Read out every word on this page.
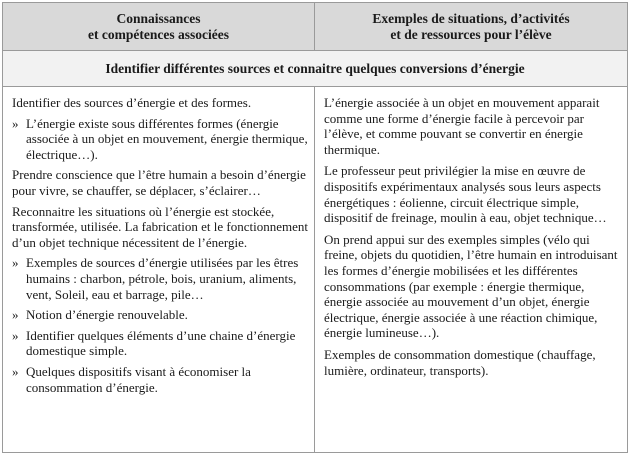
Connaissances
et compétences associées
Exemples de situations, d’activités
et de ressources pour l’élève
Identifier différentes sources et connaitre quelques conversions d’énergie

Identifier des sources d’énergie et des formes.

» L’énergie existe sous différentes formes (énergie associée à un objet en mouvement, énergie thermique, électrique…).

Prendre conscience que l’être humain a besoin d’énergie pour vivre, se chauffer, se déplacer, s’éclairer…

Reconnaitre les situations où l’énergie est stockée, transformée, utilisée. La fabrication et le fonctionnement d’un objet technique nécessitent de l’énergie.

» Exemples de sources d’énergie utilisées par les êtres humains : charbon, pétrole, bois, uranium, aliments, vent, Soleil, eau et barrage, pile…
» Notion d’énergie renouvelable.
» Identifier quelques éléments d’une chaine d’énergie domestique simple.
» Quelques dispositifs visant à économiser la consommation d’énergie.

L’énergie associée à un objet en mouvement apparait comme une forme d’énergie facile à percevoir par l’élève, et comme pouvant se convertir en énergie thermique.

Le professeur peut privilégier la mise en œuvre de dispositifs expérimentaux analysés sous leurs aspects énergétiques : éolienne, circuit électrique simple, dispositif de freinage, moulin à eau, objet technique…

On prend appui sur des exemples simples (vélo qui freine, objets du quotidien, l’être humain en introduisant les formes d’énergie mobilisées et les différentes consommations (par exemple : énergie thermique, énergie associée au mouvement d’un objet, énergie électrique, énergie associée à une réaction chimique, énergie lumineuse…).

Exemples de consommation domestique (chauffage, lumière, ordinateur, transports).
